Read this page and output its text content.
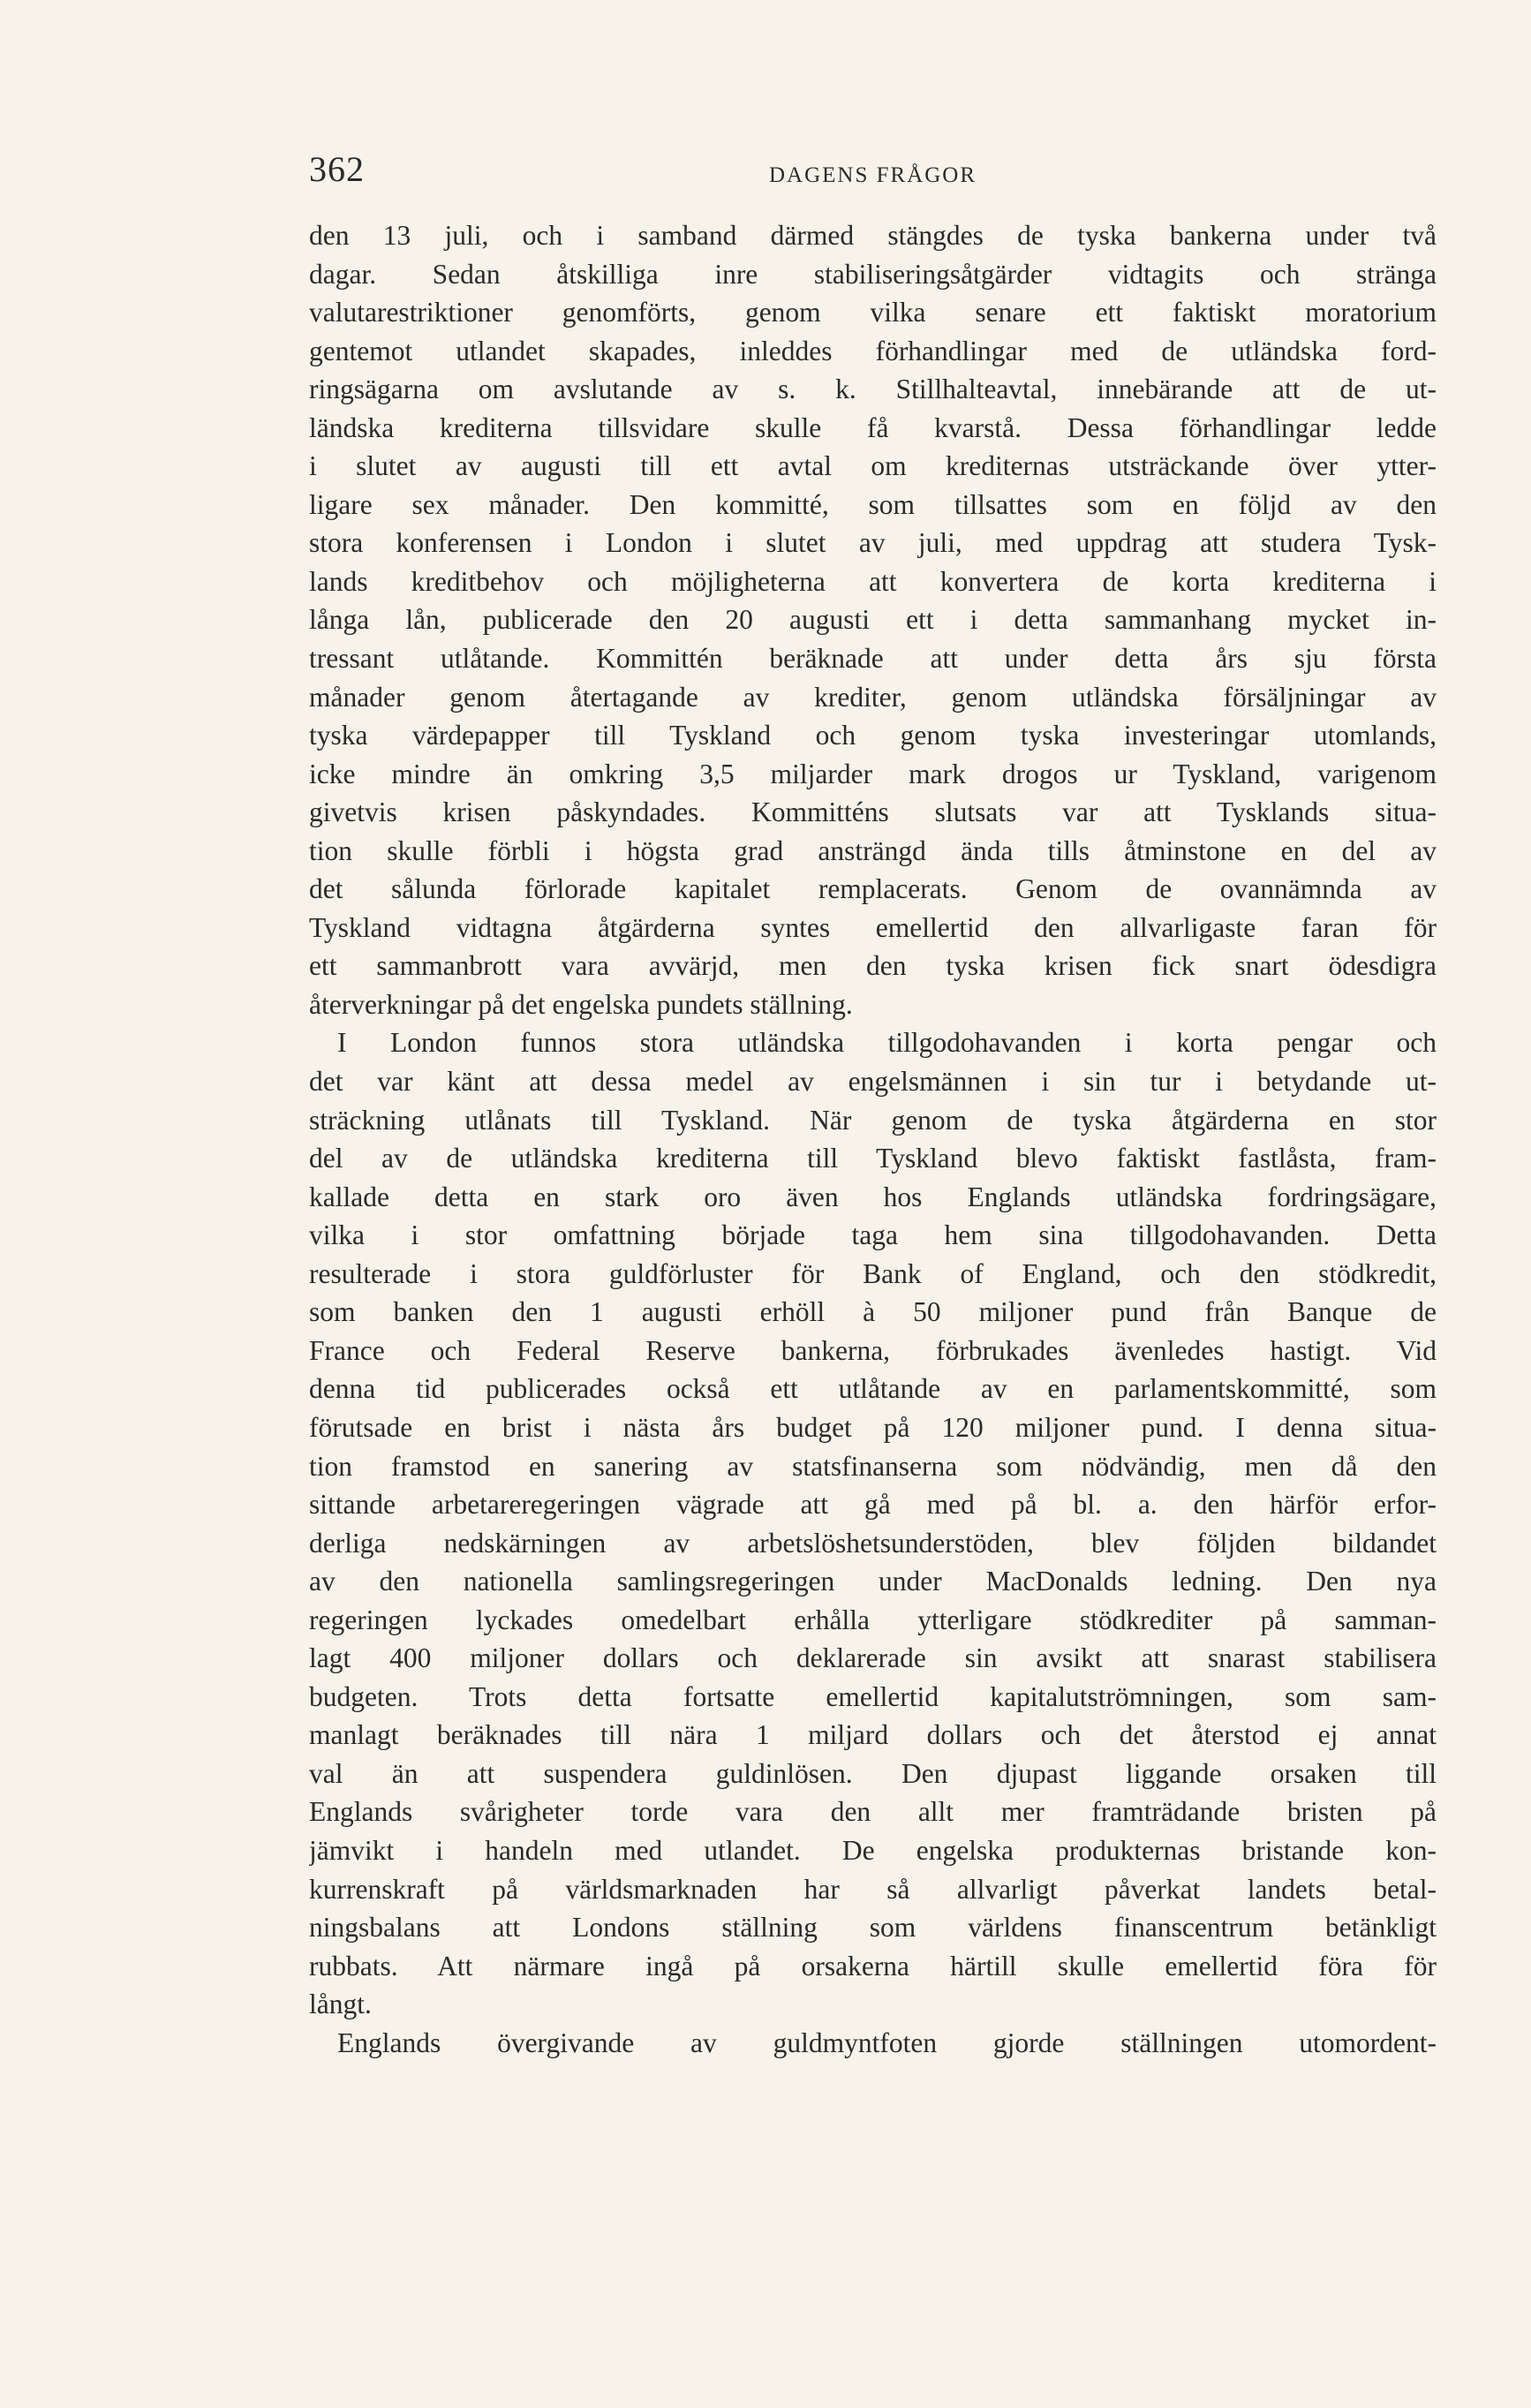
362	DAGENS FRÅGOR
den 13 juli, och i samband därmed stängdes de tyska bankerna under två
dagar. Sedan åtskilliga inre stabiliseringsåtgärder vidtagits och stränga
valutarestriktioner genomförts, genom vilka senare ett faktiskt moratorium
gentemot utlandet skapades, inleddes förhandlingar med de utländska ford-
ringsägarna om avslutande av s. k. Stillhalteavtal, innebärande att de ut-
ländska krediterna tillsvidare skulle få kvarstå. Dessa förhandlingar ledde
i slutet av augusti till ett avtal om krediternas utsträckande över ytter-
ligare sex månader. Den kommitté, som tillsattes som en följd av den
stora konferensen i London i slutet av juli, med uppdrag att studera Tysk-
lands kreditbehov och möjligheterna att konvertera de korta krediterna i
långa lån, publicerade den 20 augusti ett i detta sammanhang mycket in-
tressant utlåtande. Kommittén beräknade att under detta års sju första
månader genom återtagande av krediter, genom utländska försäljningar av
tyska värdepapper till Tyskland och genom tyska investeringar utomlands,
icke mindre än omkring 3,5 miljarder mark drogos ur Tyskland, varigenom
givetvis krisen påskyndades. Kommitténs slutsats var att Tysklands situa-
tion skulle förbli i högsta grad ansträngd ända tills åtminstone en del av
det sålunda förlorade kapitalet remplacerats. Genom de ovannämnda av
Tyskland vidtagna åtgärderna syntes emellertid den allvarligaste faran för
ett sammanbrott vara avvärjd, men den tyska krisen fick snart ödesdigra
återverkningar på det engelska pundets ställning.
I London funnos stora utländska tillgodohavanden i korta pengar och
det var känt att dessa medel av engelsmännen i sin tur i betydande ut-
sträckning utlånats till Tyskland. När genom de tyska åtgärderna en stor
del av de utländska krediterna till Tyskland blevo faktiskt fastlåsta, fram-
kallade detta en stark oro även hos Englands utländska fordringsägare,
vilka i stor omfattning började taga hem sina tillgodohavanden. Detta
resulterade i stora guldförluster för Bank of England, och den stödkredit,
som banken den 1 augusti erhöll à 50 miljoner pund från Banque de
France och Federal Reserve bankerna, förbrukades ävenledes hastigt. Vid
denna tid publicerades också ett utlåtande av en parlamentskommitté, som
förutsade en brist i nästa års budget på 120 miljoner pund. I denna situa-
tion framstod en sanering av statsfinanserna som nödvändig, men då den
sittande arbetareregeringen vägrade att gå med på bl. a. den härför erfor-
derliga nedskärningen av arbetslöshetsunderstöden, blev följden bildandet
av den nationella samlingsregeringen under MacDonalds ledning. Den nya
regeringen lyckades omedelbart erhålla ytterligare stödkrediter på samman-
lagt 400 miljoner dollars och deklarerade sin avsikt att snarast stabilisera
budgeten. Trots detta fortsatte emellertid kapitalutströmningen, som sam-
manlagt beräknades till nära 1 miljard dollars och det återstod ej annat
val än att suspendera guldinlösen. Den djupast liggande orsaken till
Englands svårigheter torde vara den allt mer framträdande bristen på
jämvikt i handeln med utlandet. De engelska produkternas bristande kon-
kurrenskraft på världsmarknaden har så allvarligt påverkat landets betal-
ningsbalans att Londons ställning som världens finanscentrum betänkligt
rubbats. Att närmare ingå på orsakerna härtill skulle emellertid föra för
långt.
Englands övergivande av guldmyntfoten gjorde ställningen utomordent-
